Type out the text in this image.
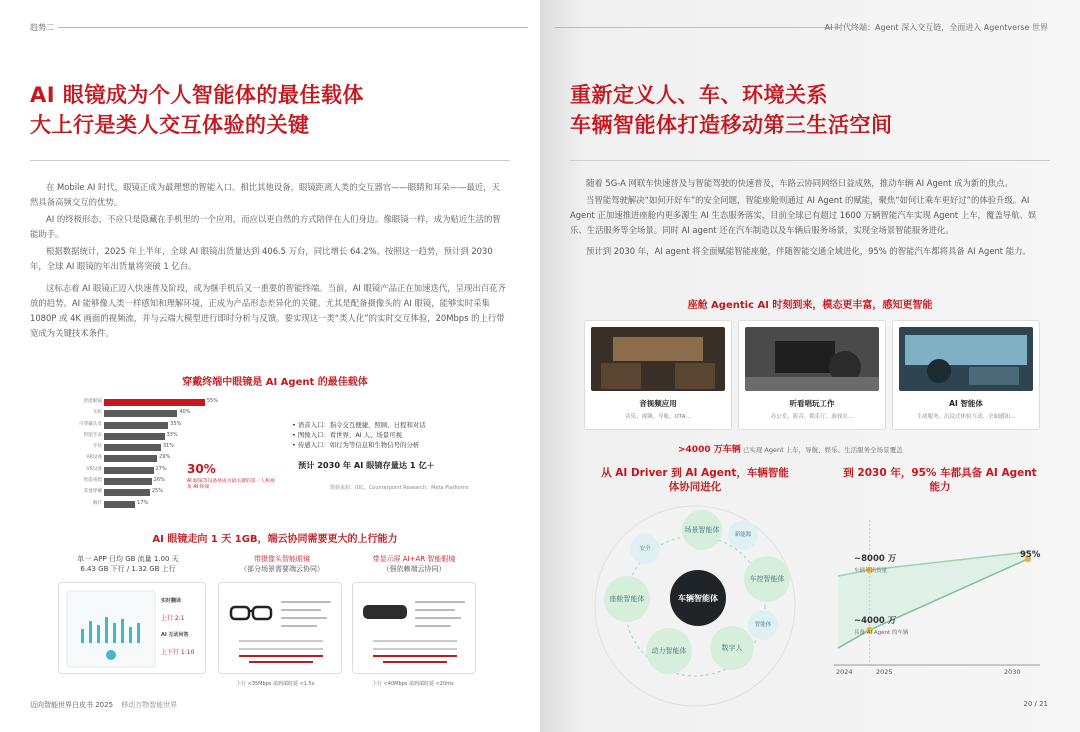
趋势二
AI 眼镜成为个人智能体的最佳载体
大上行是类人交互体验的关键
在 Mobile AI 时代，眼镜正成为最理想的智能入口。相比其他设备，眼镜距离人类的交互器官——眼睛和耳朵——最近，天然具备高频交互的优势。
AI 的终极形态，不应只是隐藏在手机里的一个应用，而应以更自然的方式陪伴在人们身边。像眼镜一样，成为贴近生活的智能助手。
根据数据统计，2025 年上半年，全球 AI 眼镜出货量达到 406.5 万台，同比增长 64.2%。按照这一趋势，预计到 2030 年，全球 AI 眼镜的年出货量将突破 1 亿台。
这标志着 AI 眼镜正迈入快速普及阶段，成为继手机后又一重要的智能终端。当前，AI 眼镜产品正在加速迭代，呈现出百花齐放的趋势。AI 能够像人类一样感知和理解环境，正成为产品形态差异化的关键。尤其是配备摄像头的 AI 眼镜，能够实时采集 1080P 或 4K 画面的视频流，并与云端大模型进行即时分析与反馈。要实现这一类“类人化”的实时交互体验，20Mbps 的上行带宽成为关键技术条件。
穿戴终端中眼镜是 AI Agent 的最佳载体
智能眼镜	55%
耳机	40%
可穿戴头显	35%
智能手表	33%
手环	31%
AR设备	29%
VR设备	27%
智能戒指	26%
其他穿戴	25%
胸针	17%
30%
AI 眼镜等设备将成为最关键的第一人称视角 AI 终端
• 语音入口：指令交互便捷，照顾、日程和对话
• 图像入口：看世界、AI 人、场景可视
• 传感入口：如行为等信息和生物信号的分析
预计 2030 年 AI 眼镜存量达 1 亿＋
数据来源：IDC、Counterpoint Research、Meta Platforms
AI 眼镜走向 1 天 1GB，端云协同需要更大的上行能力
单一 APP 日均 GB 流量 1.00 天
6.43 GB 下行 / 1.32 GB 上行
带摄像头智能眼镜
（部分场景需要端云协同）
带显示屏 AI+AR 智能眼镜
（强依赖端云协同）
实时翻译
上行 2:1
AI 互动问答
上下行 1:10
上行 <35Mbps 端到端时延 <1.5s	上行 <40Mbps 端到端时延 <20ms
迈向智能世界白皮书 2025 移动万物智能世界
AI 时代终端：Agent 深入交互链，全面进入 Agentverse 世界
重新定义人、车、环境关系
车辆智能体打造移动第三生活空间
随着 5G-A 网联车快速普及与智能驾驶的快速普及，车路云协同网络日益成熟，推动车辆 AI Agent 成为新的焦点。
当智能驾驶解决“如何开好车”的安全问题，智能座舱则通过 AI Agent 的赋能，聚焦“如何让乘车更好过”的体验升级。AI Agent 正加速推进座舱内更多源生 AI 生态服务落实，目前全球已有超过 1600 万辆智能汽车实现 Agent 上车，覆盖导航、娱乐、生活服务等全场景。同时 AI agent 还在汽车制造以及车辆后服务场景，实现全场景智能服务进化。
预计到 2030 年，AI agent 将全面赋能智能座舱，伴随智能交通全域进化，95% 的智能汽车都将具备 AI Agent 能力。
座舱 Agentic AI 时刻到来，模态更丰富，感知更智能
音视频应用
音乐、视频、导航、OTA…
听看唱玩工作
办公室、影音、娱乐厅、游戏室…
AI 智能体
主动服务、沉浸式体验互动、全面感知…
>4000 万车辆 已实现 Agent 上车，导航、娱乐、生活服务全场景覆盖
从 AI Driver 到 AI Agent，车辆智能体协同进化
到 2030 年，95% 车都具备 AI Agent 能力
车辆智能体
场景智能体
车控智能体
座舱智能体
动力智能体	数字人
安全
智能体
新能源
~8000 万
车辆年出货量
~4000 万
具备 AI Agent 的车辆
95%
2024	2025	2030
20 / 21
